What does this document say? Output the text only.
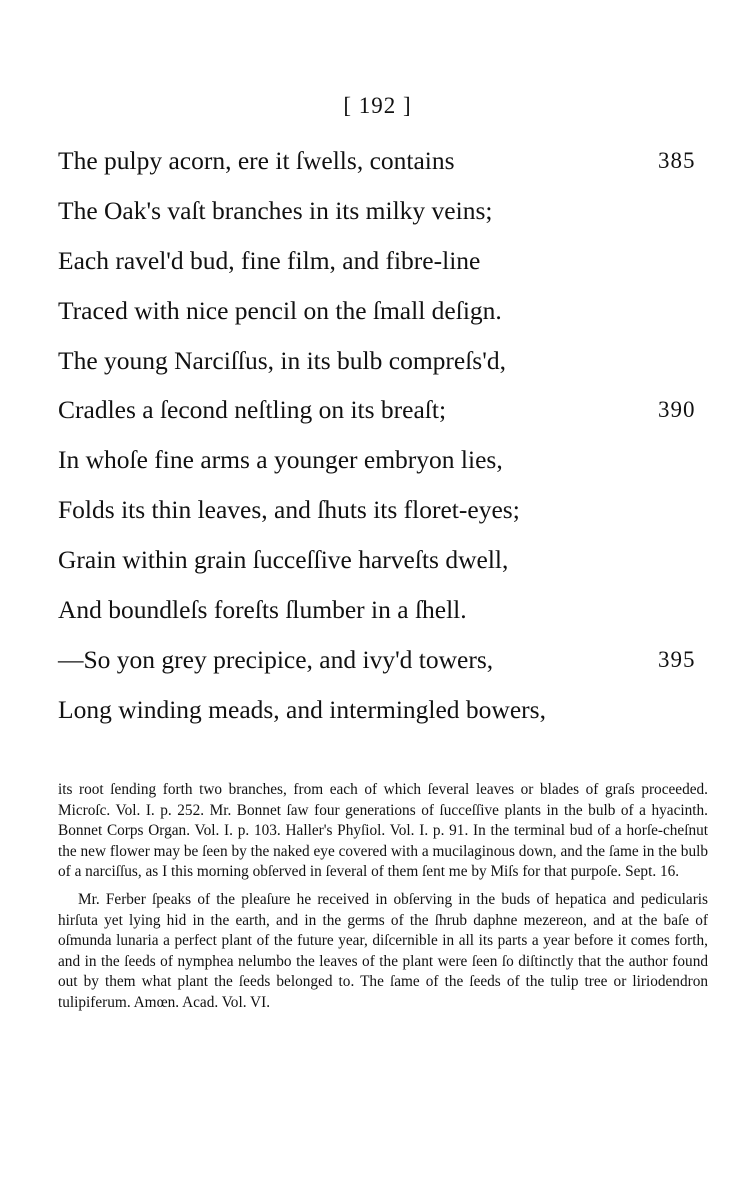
[ 192 ]
The pulpy acorn, ere it ſwells, contains	385
The Oak's vaſt branches in its milky veins;
Each ravel'd bud, fine film, and fibre-line
Traced with nice pencil on the ſmall deſign.
The young Narciſſus, in its bulb compreſs'd,
Cradles a ſecond neſtling on its breaſt;	390
In whoſe fine arms a younger embryon lies,
Folds its thin leaves, and ſhuts its floret-eyes;
Grain within grain ſucceſſive harveſts dwell,
And boundleſs foreſts ſlumber in a ſhell.
—So yon grey precipice, and ivy'd towers,	395
Long winding meads, and intermingled bowers,

its root ſending forth two branches, from each of which ſeveral leaves or blades of graſs proceeded. Microſc. Vol. I. p. 252. Mr. Bonnet ſaw four generations of ſucceſſive plants in the bulb of a hyacinth. Bonnet Corps Organ. Vol. I. p. 103. Haller's Phyſiol. Vol. I. p. 91. In the terminal bud of a horſe-cheſnut the new flower may be ſeen by the naked eye covered with a mucilaginous down, and the ſame in the bulb of a narciſſus, as I this morning obſerved in ſeveral of them ſent me by Miſs for that purpoſe. Sept. 16.

Mr. Ferber ſpeaks of the pleaſure he received in obſerving in the buds of hepatica and pedicularis hirſuta yet lying hid in the earth, and in the germs of the ſhrub daphne mezereon, and at the baſe of oſmunda lunaria a perfect plant of the future year, diſcernible in all its parts a year before it comes forth, and in the ſeeds of nymphea nelumbo the leaves of the plant were ſeen ſo diſtinctly that the author found out by them what plant the ſeeds belonged to. The ſame of the ſeeds of the tulip tree or liriodendron tulipiferum. Amœn. Acad. Vol. VI.
